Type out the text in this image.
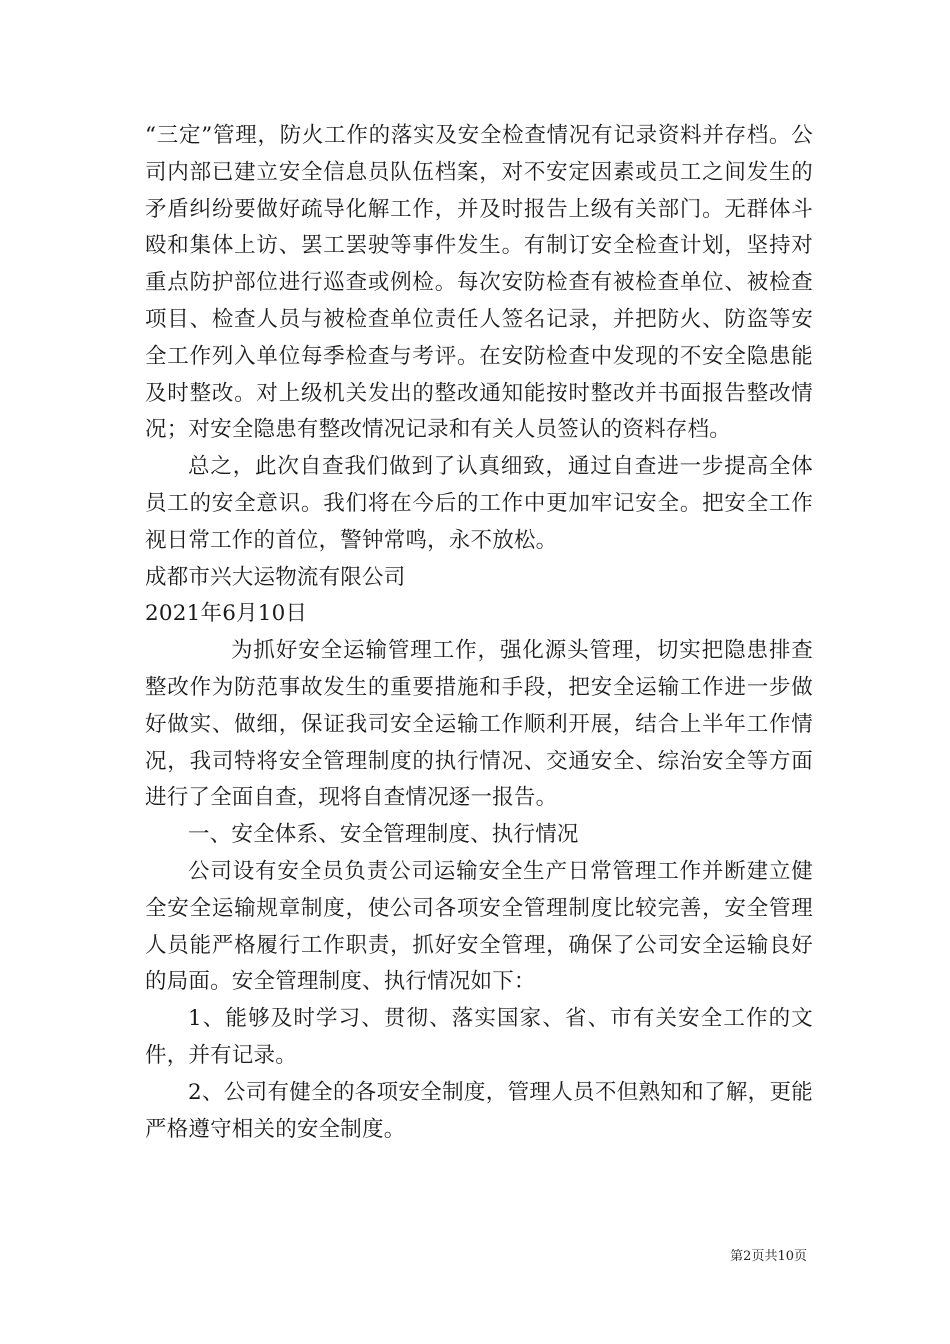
“三定”管理，防火工作的落实及安全检查情况有记录资料并存档。公司内部已建立安全信息员队伍档案，对不安定因素或员工之间发生的矛盾纠纷要做好疏导化解工作，并及时报告上级有关部门。无群体斗殴和集体上访、罢工罢驶等事件发生。有制订安全检查计划，坚持对重点防护部位进行巡查或例检。每次安防检查有被检查单位、被检查项目、检查人员与被检查单位责任人签名记录，并把防火、防盗等安全工作列入单位每季检查与考评。在安防检查中发现的不安全隐患能及时整改。对上级机关发出的整改通知能按时整改并书面报告整改情况；对安全隐患有整改情况记录和有关人员签认的资料存档。

总之，此次自查我们做到了认真细致，通过自查进一步提高全体员工的安全意识。我们将在今后的工作中更加牢记安全。把安全工作视日常工作的首位，警钟常鸣，永不放松。

成都市兴大运物流有限公司

2021年6月10日

为抓好安全运输管理工作，强化源头管理，切实把隐患排查整改作为防范事故发生的重要措施和手段，把安全运输工作进一步做好做实、做细，保证我司安全运输工作顺利开展，结合上半年工作情况，我司特将安全管理制度的执行情况、交通安全、综治安全等方面进行了全面自查，现将自查情况逐一报告。

一、安全体系、安全管理制度、执行情况

公司设有安全员负责公司运输安全生产日常管理工作并断建立健全安全运输规章制度，使公司各项安全管理制度比较完善，安全管理人员能严格履行工作职责，抓好安全管理，确保了公司安全运输良好的局面。安全管理制度、执行情况如下：

1、能够及时学习、贯彻、落实国家、省、市有关安全工作的文件，并有记录。

2、公司有健全的各项安全制度，管理人员不但熟知和了解，更能严格遵守相关的安全制度。

第2页共10页
